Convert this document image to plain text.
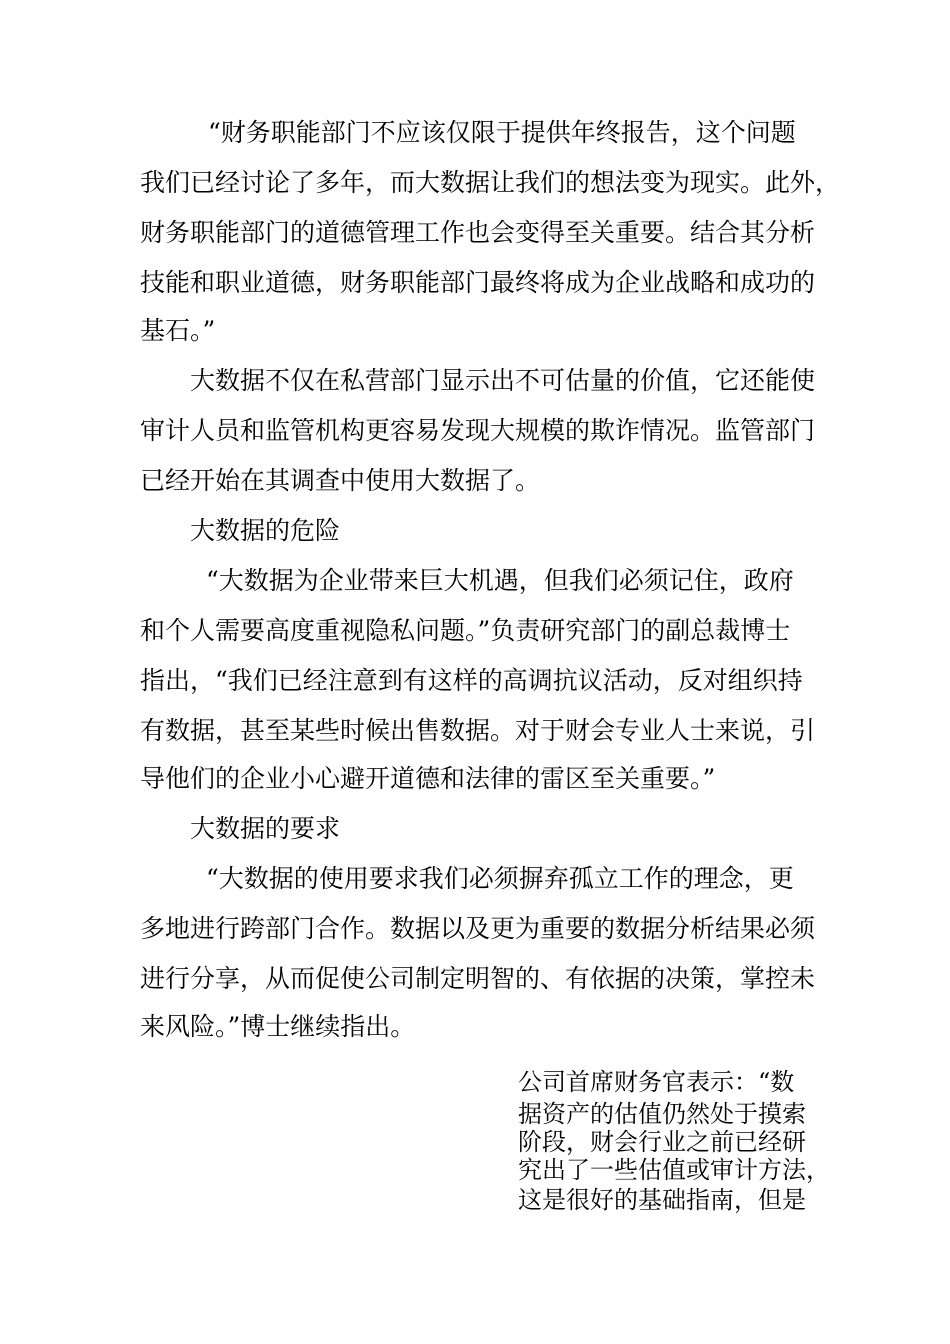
“财务职能部门不应该仅限于提供年终报告，这个问题
我们已经讨论了多年，而大数据让我们的想法变为现实。此外，
财务职能部门的道德管理工作也会变得至关重要。结合其分析
技能和职业道德，财务职能部门最终将成为企业战略和成功的
基石。”
大数据不仅在私营部门显示出不可估量的价值，它还能使
审计人员和监管机构更容易发现大规模的欺诈情况。监管部门
已经开始在其调查中使用大数据了。
大数据的危险
“大数据为企业带来巨大机遇，但我们必须记住，政府
和个人需要高度重视隐私问题。”负责研究部门的副总裁博士
指出，“我们已经注意到有这样的高调抗议活动，反对组织持
有数据，甚至某些时候出售数据。对于财会专业人士来说，引
导他们的企业小心避开道德和法律的雷区至关重要。”
大数据的要求
“大数据的使用要求我们必须摒弃孤立工作的理念，更
多地进行跨部门合作。数据以及更为重要的数据分析结果必须
进行分享，从而促使公司制定明智的、有依据的决策，掌控未
来风险。”博士继续指出。
公司首席财务官表示：“数
据资产的估值仍然处于摸索
阶段，财会行业之前已经研
究出了一些估值或审计方法，
这是很好的基础指南，但是
